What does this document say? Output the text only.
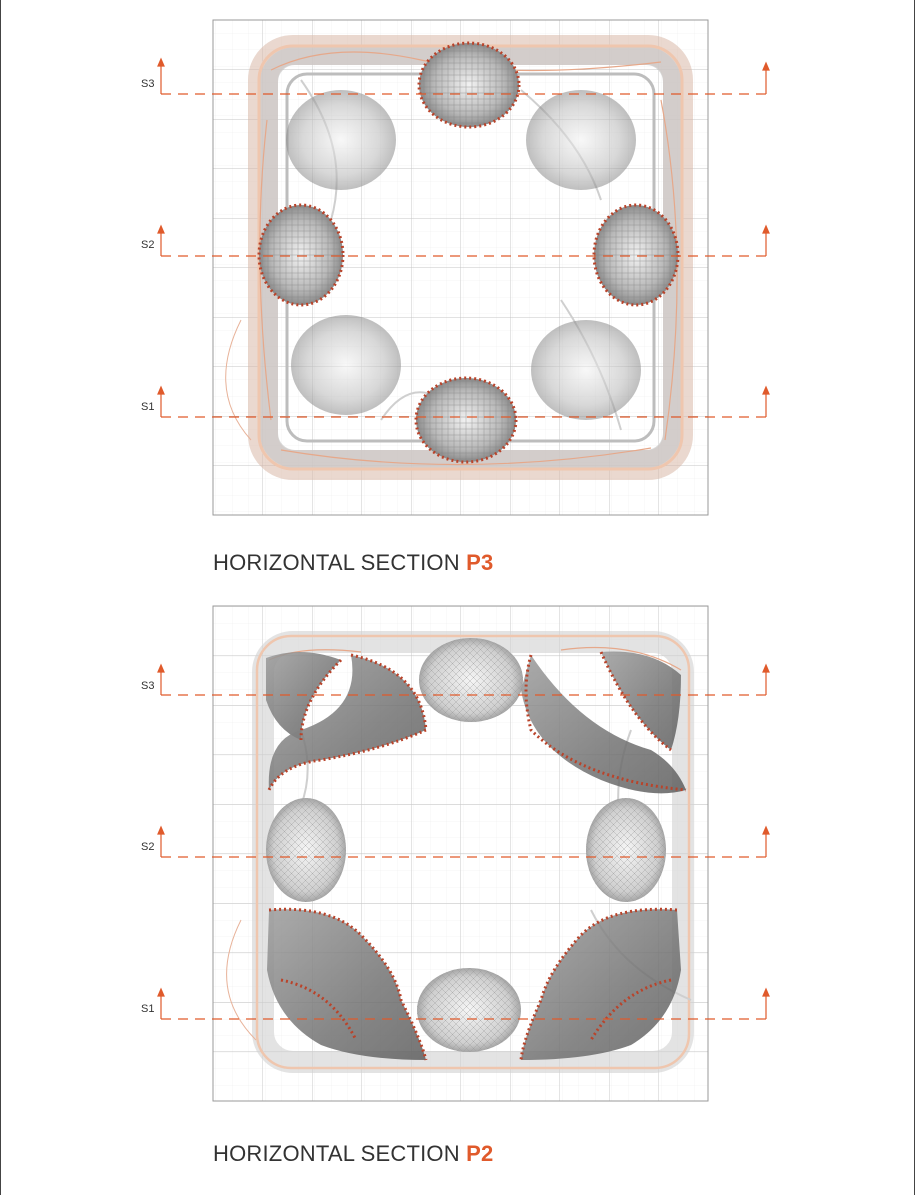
S3
S2
S1
HORIZONTAL SECTION P3
S3
S2
S1
HORIZONTAL SECTION P2
